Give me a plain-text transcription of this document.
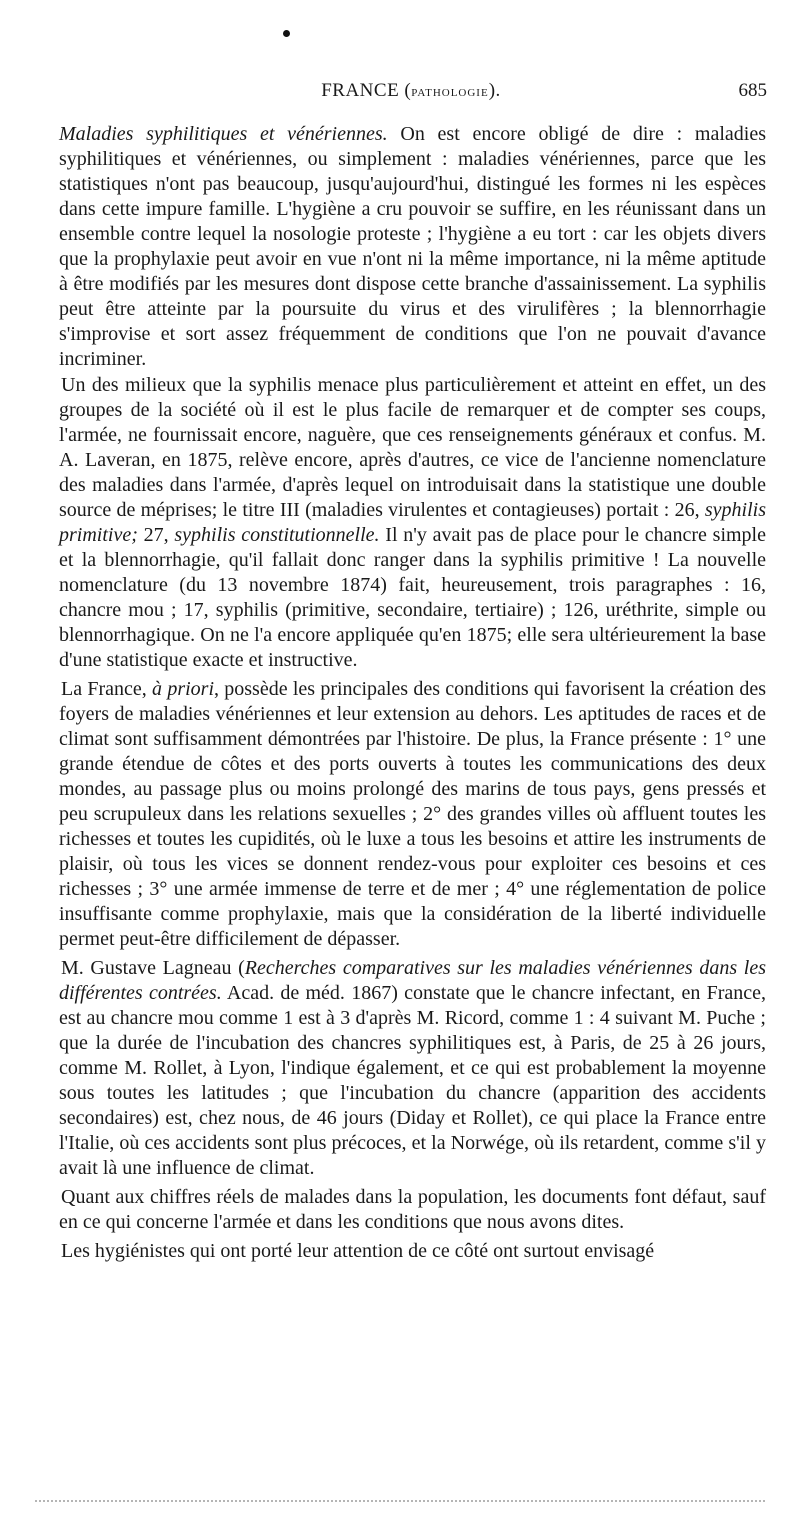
FRANCE (pathologie).	685

Maladies syphilitiques et vénériennes. On est encore obligé de dire : maladies syphilitiques et vénériennes, ou simplement : maladies vénériennes, parce que les statistiques n'ont pas beaucoup, jusqu'aujourd'hui, distingué les formes ni les espèces dans cette impure famille. L'hygiène a cru pouvoir se suffire, en les réunissant dans un ensemble contre lequel la nosologie proteste ; l'hygiène a eu tort : car les objets divers que la prophylaxie peut avoir en vue n'ont ni la même importance, ni la même aptitude à être modifiés par les mesures dont dispose cette branche d'assainissement. La syphilis peut être atteinte par la poursuite du virus et des virulifères ; la blennorrhagie s'improvise et sort assez fréquemment de conditions que l'on ne pouvait d'avance incriminer.

Un des milieux que la syphilis menace plus particulièrement et atteint en effet, un des groupes de la société où il est le plus facile de remarquer et de compter ses coups, l'armée, ne fournissait encore, naguère, que ces renseignements généraux et confus. M. A. Laveran, en 1875, relève encore, après d'autres, ce vice de l'ancienne nomenclature des maladies dans l'armée, d'après lequel on introduisait dans la statistique une double source de méprises; le titre III (maladies virulentes et contagieuses) portait : 26, syphilis primitive; 27, syphilis constitutionnelle. Il n'y avait pas de place pour le chancre simple et la blennorrhagie, qu'il fallait donc ranger dans la syphilis primitive ! La nouvelle nomenclature (du 13 novembre 1874) fait, heureusement, trois paragraphes : 16, chancre mou ; 17, syphilis (primitive, secondaire, tertiaire) ; 126, uréthrite, simple ou blennorrhagique. On ne l'a encore appliquée qu'en 1875; elle sera ultérieurement la base d'une statistique exacte et instructive.

La France, à priori, possède les principales des conditions qui favorisent la création des foyers de maladies vénériennes et leur extension au dehors. Les aptitudes de races et de climat sont suffisamment démontrées par l'histoire. De plus, la France présente : 1° une grande étendue de côtes et des ports ouverts à toutes les communications des deux mondes, au passage plus ou moins prolongé des marins de tous pays, gens pressés et peu scrupuleux dans les relations sexuelles ; 2° des grandes villes où affluent toutes les richesses et toutes les cupidités, où le luxe a tous les besoins et attire les instruments de plaisir, où tous les vices se donnent rendez-vous pour exploiter ces besoins et ces richesses ; 3° une armée immense de terre et de mer ; 4° une réglementation de police insuffisante comme prophylaxie, mais que la considération de la liberté individuelle permet peut-être difficilement de dépasser.

M. Gustave Lagneau (Recherches comparatives sur les maladies vénériennes dans les différentes contrées. Acad. de méd. 1867) constate que le chancre infectant, en France, est au chancre mou comme 1 est à 3 d'après M. Ricord, comme 1 : 4 suivant M. Puche ; que la durée de l'incubation des chancres syphilitiques est, à Paris, de 25 à 26 jours, comme M. Rollet, à Lyon, l'indique également, et ce qui est probablement la moyenne sous toutes les latitudes ; que l'incubation du chancre (apparition des accidents secondaires) est, chez nous, de 46 jours (Diday et Rollet), ce qui place la France entre l'Italie, où ces accidents sont plus précoces, et la Norwége, où ils retardent, comme s'il y avait là une influence de climat.

Quant aux chiffres réels de malades dans la population, les documents font défaut, sauf en ce qui concerne l'armée et dans les conditions que nous avons dites.

Les hygiénistes qui ont porté leur attention de ce côté ont surtout envisagé
